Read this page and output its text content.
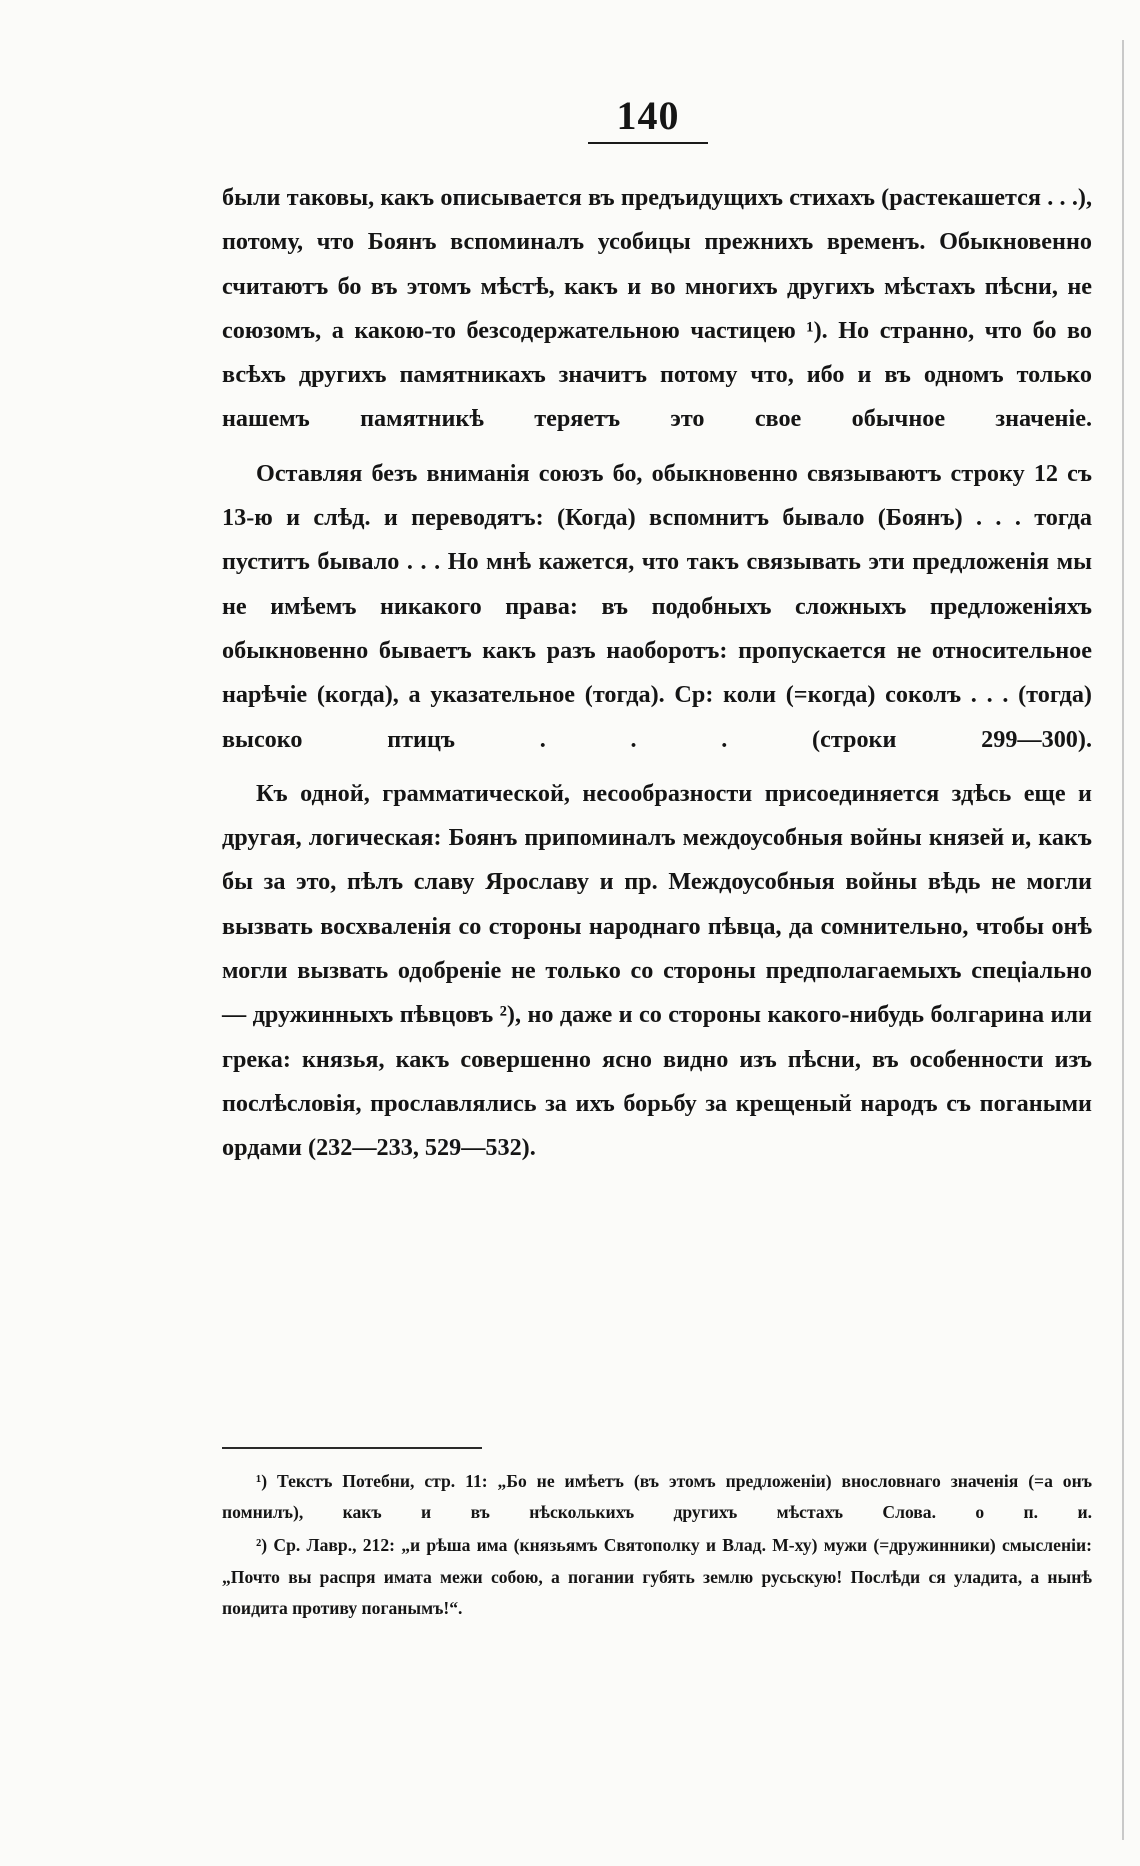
140

были таковы, какъ описывается въ предъидущихъ стихахъ (растекашется . . .), потому, что Боянъ вспоминалъ усобицы прежнихъ временъ. Обыкновенно считаютъ бо въ этомъ мѣстѣ, какъ и во многихъ другихъ мѣстахъ пѣсни, не союзомъ, а какою-то безсодержательною частицею ¹). Но странно, что бо во всѣхъ другихъ памятникахъ значитъ потому что, ибо и въ одномъ только нашемъ памятникѣ теряетъ это свое обычное значеніе.

Оставляя безъ вниманія союзъ бо, обыкновенно связываютъ строку 12 съ 13-ю и слѣд. и переводятъ: (Когда) вспомнитъ бывало (Боянъ) . . . тогда пуститъ бывало . . . Но мнѣ кажется, что такъ связывать эти предложенія мы не имѣемъ никакого права: въ подобныхъ сложныхъ предложеніяхъ обыкновенно бываетъ какъ разъ наоборотъ: пропускается не относительное нарѣчіе (когда), а указательное (тогда). Ср: коли (=когда) соколъ . . . (тогда) высоко птицъ . . . (строки 299—300).

Къ одной, грамматической, несообразности присоединяется здѣсь еще и другая, логическая: Боянъ припоминалъ междоусобныя войны князей и, какъ бы за это, пѣлъ славу Ярославу и пр. Междоусобныя войны вѣдь не могли вызвать восхваленія со стороны народнаго пѣвца, да сомнительно, чтобы онѣ могли вызвать одобреніе не только со стороны предполагаемыхъ спеціально — дружинныхъ пѣвцовъ ²), но даже и со стороны какого-нибудь болгарина или грека: князья, какъ совершенно ясно видно изъ пѣсни, въ особенности изъ послѣсловія, прославлялись за ихъ борьбу за крещеный народъ съ погаными ордами (232—233, 529—532).

¹) Текстъ Потебни, стр. 11: „Бо не имѣетъ (въ этомъ предложеніи) внословнаго значенія (=а онъ помнилъ), какъ и въ нѣсколькихъ другихъ мѣстахъ Слова. о п. и.

²) Ср. Лавр., 212: „и рѣша има (князьямъ Святополку и Влад. М-ху) мужи (=дружинники) смысленіи: „Почто вы распря имата межи собою, а погании губять землю русьскую! Послѣди ся уладита, а нынѣ поидита противу поганымъ!“.
